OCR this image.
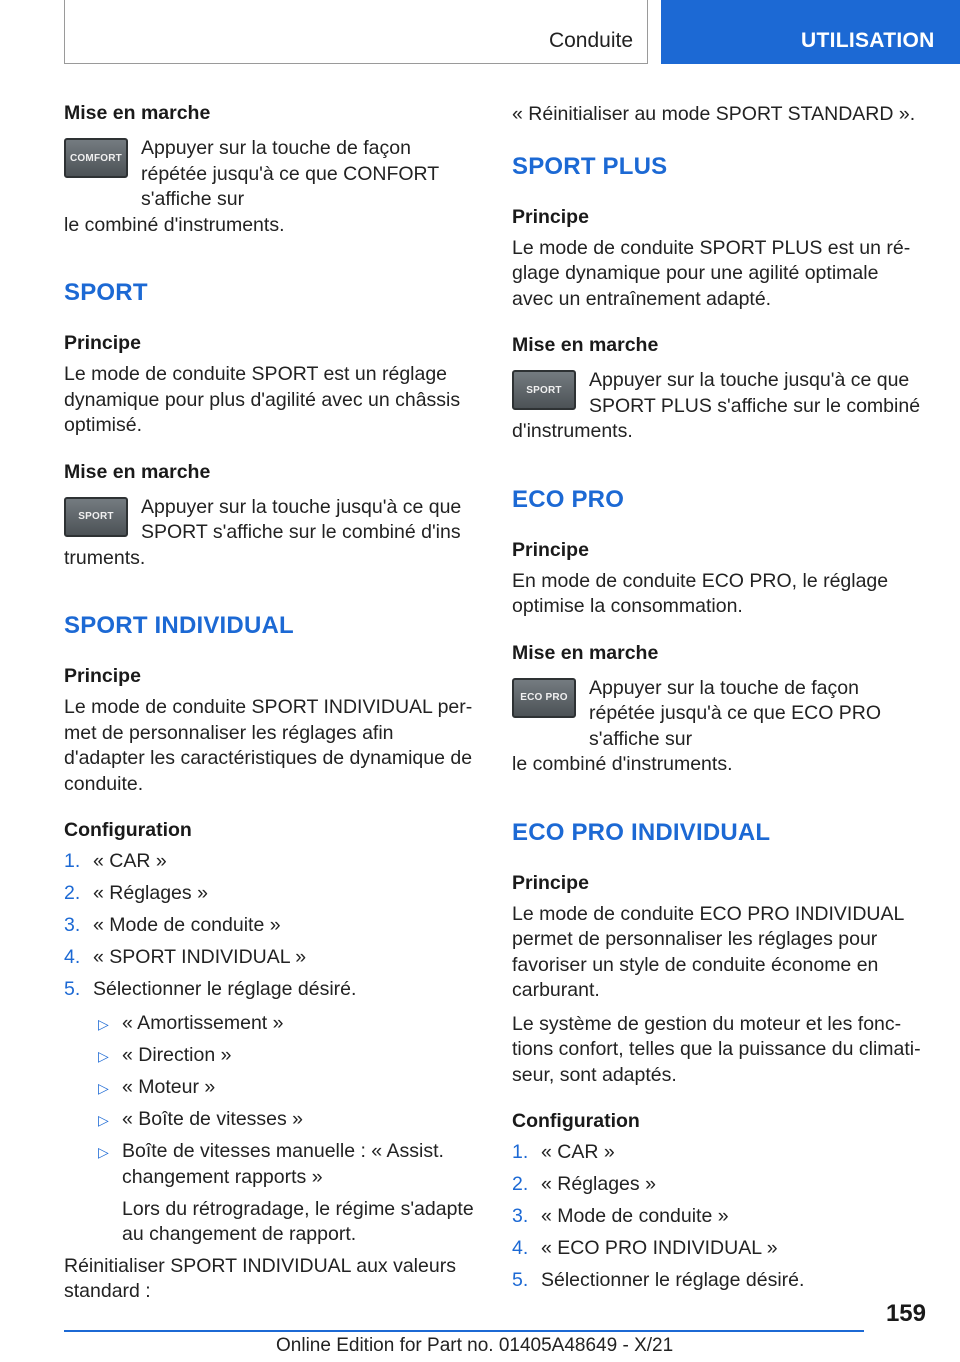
Conduite	UTILISATION

Mise en marche

COMFORT Appuyer sur la touche de façon répétée jusqu'à ce que CONFORT s'affiche sur
le combiné d'instruments.

SPORT

Principe

Le mode de conduite SPORT est un réglage dynamique pour plus d'agilité avec un châssis optimisé.

Mise en marche

SPORT	Appuyer sur la touche jusqu'à ce que SPORT s'affiche sur le combiné d'ins
truments.

SPORT INDIVIDUAL

Principe

Le mode de conduite SPORT INDIVIDUAL permet de personnaliser les réglages afin d'adapter les caractéristiques de dynamique de conduite.

Configuration

1. « CAR »
2. « Réglages »
3. « Mode de conduite »
4. « SPORT INDIVIDUAL »
5. Sélectionner le réglage désiré.
▷ « Amortissement »
▷ « Direction »
▷ « Moteur »
▷ « Boîte de vitesses »
▷ Boîte de vitesses manuelle : « Assist. changement rapports »

Lors du rétrogradage, le régime s'adapte au changement de rapport.

Réinitialiser SPORT INDIVIDUAL aux valeurs standard :

« Réinitialiser au mode SPORT STANDARD ».

SPORT PLUS

Principe

Le mode de conduite SPORT PLUS est un réglage dynamique pour une agilité optimale avec un entraînement adapté.

Mise en marche

SPORT	Appuyer sur la touche jusqu'à ce que SPORT PLUS s'affiche sur le combiné
d'instruments.

ECO PRO

Principe

En mode de conduite ECO PRO, le réglage optimise la consommation.

Mise en marche

ECO PRO	Appuyer sur la touche de façon répétée jusqu'à ce que ECO PRO s'affiche sur
le combiné d'instruments.

ECO PRO INDIVIDUAL

Principe

Le mode de conduite ECO PRO INDIVIDUAL permet de personnaliser les réglages pour favoriser un style de conduite économe en carburant.

Le système de gestion du moteur et les fonctions confort, telles que la puissance du climatiseur, sont adaptés.

Configuration

1. « CAR »
2. « Réglages »
3. « Mode de conduite »
4. « ECO PRO INDIVIDUAL »
5. Sélectionner le réglage désiré.
159
Online Edition for Part no. 01405A48649 - X/21
